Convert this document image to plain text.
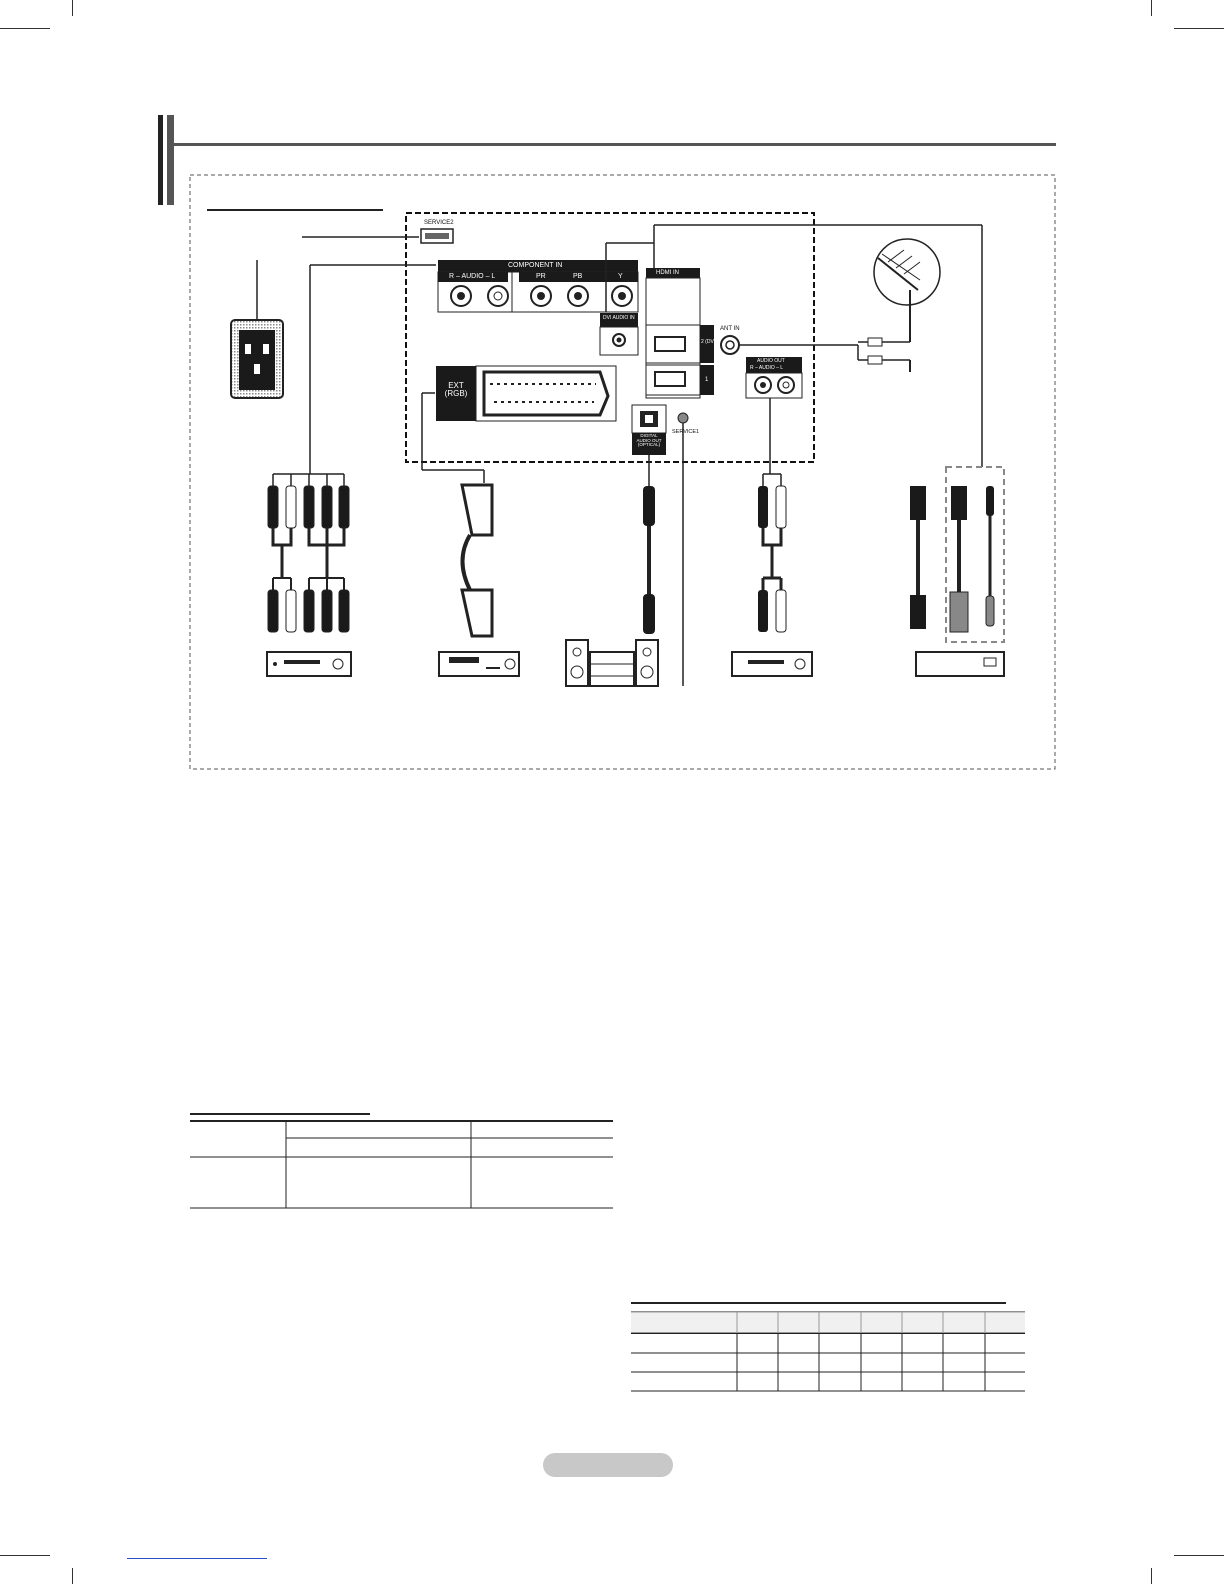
SERVICE2
COMPONENT IN
R – AUDIO – L	PR	PB	Y	HDMI IN
DVI AUDIO IN
2 (DVI)
1
ANT IN
AUDIO OUT
R – AUDIO – L
EXT (RGB)
DIGITAL AUDIO OUT (OPTICAL)
SERVICE1
